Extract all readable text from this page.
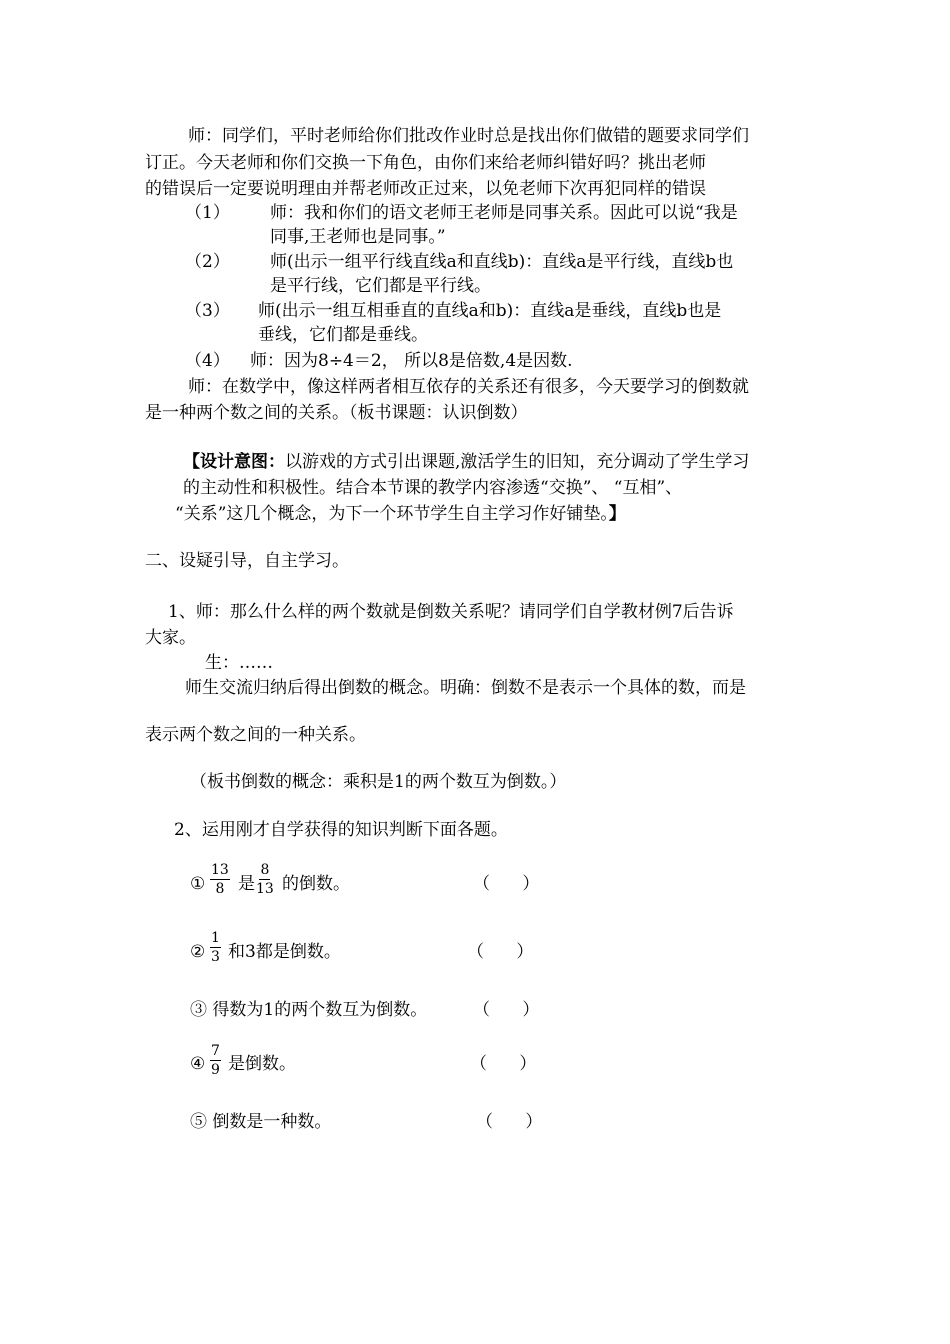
师：同学们，平时老师给你们批改作业时总是找出你们做错的题要求同学们
订正。今天老师和你们交换一下角色，由你们来给老师纠错好吗？挑出老师
的错误后一定要说明理由并帮老师改正过来，以免老师下次再犯同样的错误
（1） 师：我和你们的语文老师王老师是同事关系。因此可以说“我是
同事,王老师也是同事。”
（2） 师(出示一组平行线直线a和直线b)：直线a是平行线，直线b也
是平行线，它们都是平行线。
（3） 师(出示一组互相垂直的直线a和b)：直线a是垂线，直线b也是
垂线，它们都是垂线。
（4） 师：因为8÷4＝2， 所以8是倍数,4是因数.
师：在数学中，像这样两者相互依存的关系还有很多，今天要学习的倒数就
是一种两个数之间的关系。（板书课题：认识倒数）
【设计意图：以游戏的方式引出课题,激活学生的旧知，充分调动了学生学习
的主动性和积极性。结合本节课的教学内容渗透“交换”、 “互相”、
“关系”这几个概念，为下一个环节学生自主学习作好铺垫。】
二、设疑引导，自主学习。
1、师：那么什么样的两个数就是倒数关系呢？请同学们自学教材例7后告诉
大家。
生：……
师生交流归纳后得出倒数的概念。明确：倒数不是表示一个具体的数，而是
表示两个数之间的一种关系。
（板书倒数的概念：乘积是1的两个数互为倒数。）
2、运用刚才自学获得的知识判断下面各题。
① $\frac{13}{8}$ 是 $\frac{8}{13}$ 的倒数。	（      ）
② $\frac{1}{3}$ 和3都是倒数。	（      ）
③ 得数为1的两个数互为倒数。	（      ）
④ $\frac{7}{9}$ 是倒数。	（      ）
⑤ 倒数是一种数。	（      ）
